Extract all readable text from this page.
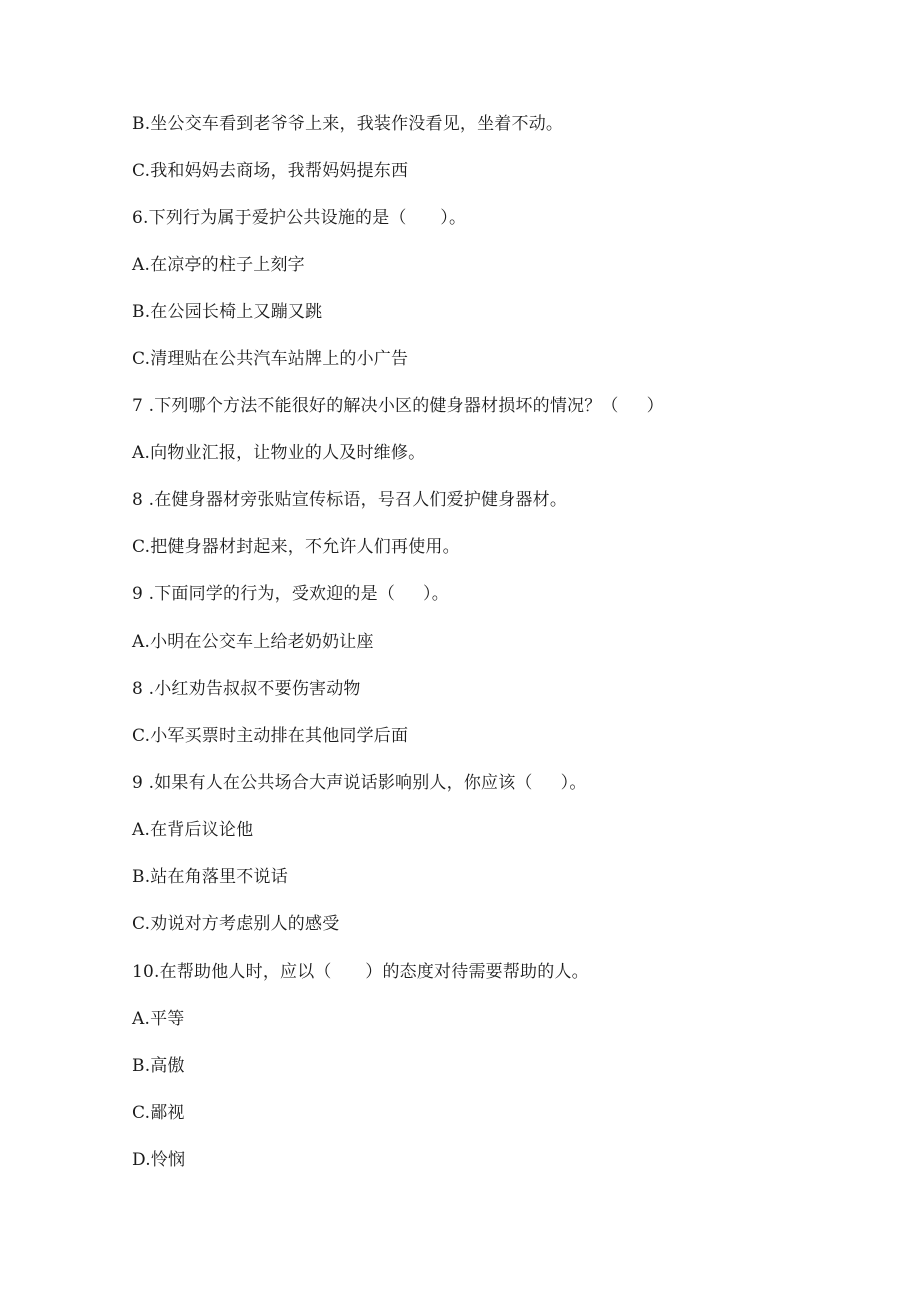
B.坐公交车看到老爷爷上来，我装作没看见，坐着不动。
C.我和妈妈去商场，我帮妈妈提东西
6.下列行为属于爱护公共设施的是（      ）。
A.在凉亭的柱子上刻字
B.在公园长椅上又蹦又跳
C.清理贴在公共汽车站牌上的小广告
7 .下列哪个方法不能很好的解决小区的健身器材损坏的情况？（     ）
A.向物业汇报，让物业的人及时维修。
8 .在健身器材旁张贴宣传标语，号召人们爱护健身器材。
C.把健身器材封起来，不允许人们再使用。
9 .下面同学的行为，受欢迎的是（     ）。
A.小明在公交车上给老奶奶让座
8 .小红劝告叔叔不要伤害动物
C.小军买票时主动排在其他同学后面
9 .如果有人在公共场合大声说话影响别人，你应该（     ）。
A.在背后议论他
B.站在角落里不说话
C.劝说对方考虑别人的感受
10.在帮助他人时，应以（      ）的态度对待需要帮助的人。
A.平等
B.高傲
C.鄙视
D.怜悯
